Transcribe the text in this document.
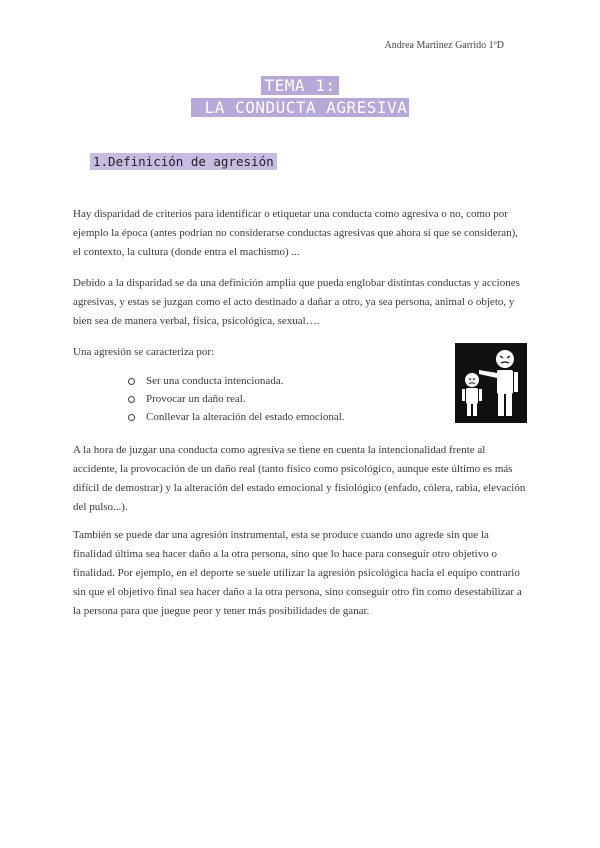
Andrea Martinez Garrido 1ºD
TEMA 1:
LA CONDUCTA AGRESIVA
1.Definición de agresión

Hay disparidad de criterios para identificar o etiquetar una conducta como agresiva o no, como por ejemplo la época (antes podrían no considerarse conductas agresivas que ahora sí que se consideran), el contexto, la cultura (donde entra el machismo) ...

Debido a la disparidad se da una definición amplia que pueda englobar distintas conductas y acciones agresivas, y estas se juzgan como el acto destinado a dañar a otro, ya sea persona, animal o objeto, y bien sea de manera verbal, física, psicológica, sexual….

Una agresión se caracteriza por:

Ser una conducta intencionada.
Provocar un daño real.
Conllevar la alteración del estado emocional.

A la hora de juzgar una conducta como agresiva se tiene en cuenta la intencionalidad frente al accidente, la provocación de un daño real (tanto físico como psicológico, aunque este último es más difícil de demostrar) y la alteración del estado emocional y fisiológico (enfado, cólera, rabia, elevación del pulso...).

También se puede dar una agresión instrumental, esta se produce cuando uno agrede sin que la finalidad última sea hacer daño a la otra persona, sino que lo hace para conseguir otro objetivo o finalidad. Por ejemplo, en el deporte se suele utilizar la agresión psicológica hacia el equipo contrario sin que el objetivo final sea hacer daño a la otra persona, sino conseguir otro fin como desestabilizar a la persona para que juegue peor y tener más posibilidades de ganar.
